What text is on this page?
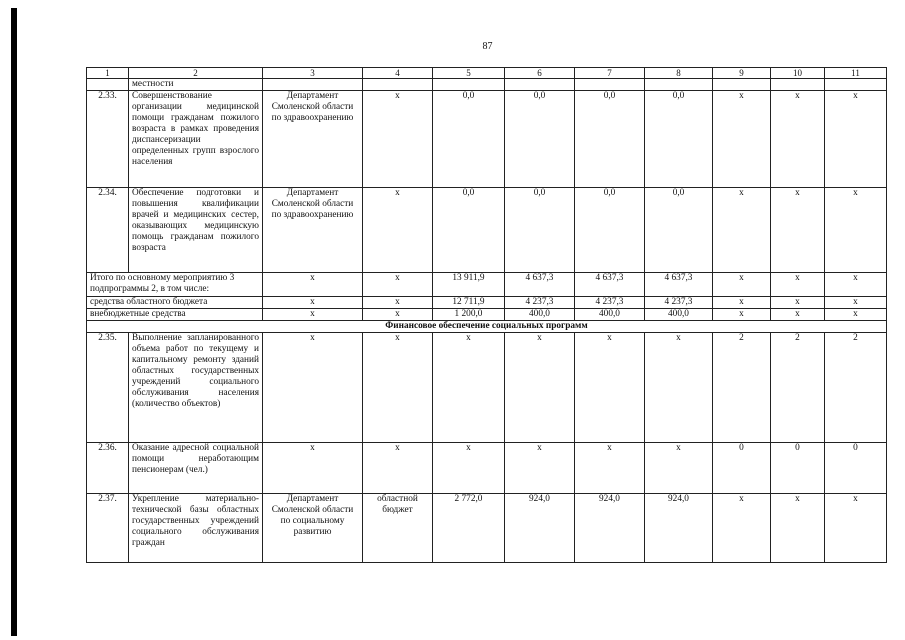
87
1	2	3	4	5	6	7	8	9	10	11
	местности									
2.33.	Совершенствование организации медицинской помощи гражданам пожилого возраста в рамках проведения диспансеризации определенных групп взрослого населения	Департамент Смоленской области по здравоохранению	х	0,0	0,0	0,0	0,0	х	х	х
2.34.	Обеспечение подготовки и повышения квалификации врачей и медицинских сестер, оказывающих медицинскую помощь гражданам пожилого возраста	Департамент Смоленской области по здравоохранению	х	0,0	0,0	0,0	0,0	х	х	х
Итого по основному мероприятию 3 подпрограммы 2, в том числе:		х	х	13 911,9	4 637,3	4 637,3	4 637,3	х	х	х
средства областного бюджета		х	х	12 711,9	4 237,3	4 237,3	4 237,3	х	х	х
внебюджетные средства		х	х	1 200,0	400,0	400,0	400,0	х	х	х
Финансовое обеспечение социальных программ										
2.35.	Выполнение запланированного объема работ по текущему и капитальному ремонту зданий областных государственных учреждений социального обслуживания населения (количество объектов)	х	х	х	х	х	х	2	2	2
2.36.	Оказание адресной социальной помощи неработающим пенсионерам (чел.)	х	х	х	х	х	х	0	0	0
2.37.	Укрепление материально-технической базы областных государственных учреждений социального обслуживания граждан	Департамент Смоленской области по социальному развитию	областной бюджет	2 772,0	924,0	924,0	924,0	х	х	х
